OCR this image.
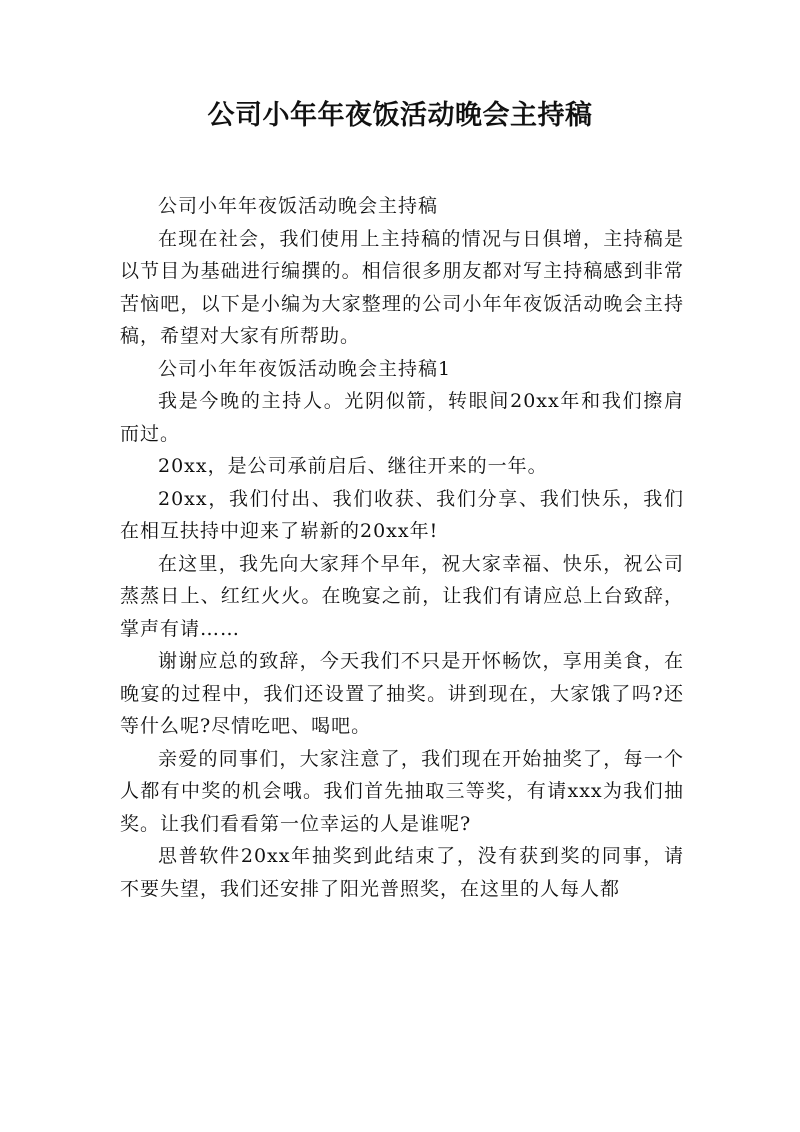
公司小年年夜饭活动晚会主持稿

公司小年年夜饭活动晚会主持稿

在现在社会，我们使用上主持稿的情况与日俱增，主持稿是以节目为基础进行编撰的。相信很多朋友都对写主持稿感到非常苦恼吧，以下是小编为大家整理的公司小年年夜饭活动晚会主持稿，希望对大家有所帮助。

公司小年年夜饭活动晚会主持稿1

我是今晚的主持人。光阴似箭，转眼间20xx年和我们擦肩而过。

20xx，是公司承前启后、继往开来的一年。

20xx，我们付出、我们收获、我们分享、我们快乐，我们在相互扶持中迎来了崭新的20xx年!

在这里，我先向大家拜个早年，祝大家幸福、快乐，祝公司蒸蒸日上、红红火火。在晚宴之前，让我们有请应总上台致辞，掌声有请……

谢谢应总的致辞，今天我们不只是开怀畅饮，享用美食，在晚宴的过程中，我们还设置了抽奖。讲到现在，大家饿了吗?还等什么呢?尽情吃吧、喝吧。

亲爱的同事们，大家注意了，我们现在开始抽奖了，每一个人都有中奖的机会哦。我们首先抽取三等奖，有请xxx为我们抽奖。让我们看看第一位幸运的人是谁呢?

思普软件20xx年抽奖到此结束了，没有获到奖的同事，请不要失望，我们还安排了阳光普照奖，在这里的人每人都
